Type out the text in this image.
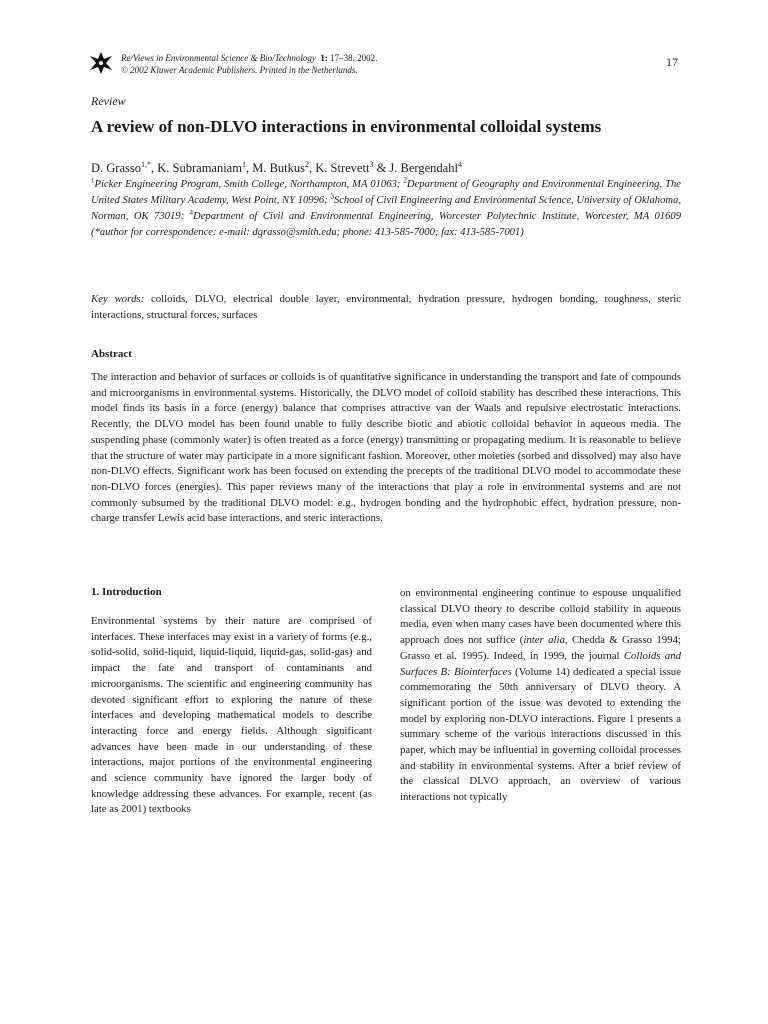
Re/Views in Environmental Science & Bio/Technology 1: 17–38, 2002.
© 2002 Kluwer Academic Publishers. Printed in the Netherlands.
17
Review
A review of non-DLVO interactions in environmental colloidal systems
D. Grasso$^{1,*}$, K. Subramaniam$^1$, M. Butkus$^2$, K. Strevett$^3$ & J. Bergendahl$^4$
$^1$Picker Engineering Program, Smith College, Northampton, MA 01063; $^2$Department of Geography and Environmental Engineering, The United States Military Academy, West Point, NY 10996; $^3$School of Civil Engineering and Environmental Science, University of Oklahoma, Norman, OK 73019; $^4$Department of Civil and Environmental Engineering, Worcester Polytechnic Institute, Worcester, MA 01609 (*author for correspondence: e-mail: dgrasso@smith.edu; phone: 413-585-7000; fax: 413-585-7001)
Key words: colloids, DLVO, electrical double layer, environmental, hydration pressure, hydrogen bonding, roughness, steric interactions, structural forces, surfaces
Abstract
The interaction and behavior of surfaces or colloids is of quantitative significance in understanding the transport and fate of compounds and microorganisms in environmental systems. Historically, the DLVO model of colloid stability has described these interactions. This model finds its basis in a force (energy) balance that comprises attractive van der Waals and repulsive electrostatic interactions. Recently, the DLVO model has been found unable to fully describe biotic and abiotic colloidal behavior in aqueous media. The suspending phase (commonly water) is often treated as a force (energy) transmitting or propagating medium. It is reasonable to believe that the structure of water may participate in a more significant fashion. Moreover, other moieties (sorbed and dissolved) may also have non-DLVO effects. Significant work has been focused on extending the precepts of the traditional DLVO model to accommodate these non-DLVO forces (energies). This paper reviews many of the interactions that play a role in environmental systems and are not commonly subsumed by the traditional DLVO model: e.g., hydrogen bonding and the hydrophobic effect, hydration pressure, non-charge transfer Lewis acid base interactions, and steric interactions.
1. Introduction
Environmental systems by their nature are comprised of interfaces. These interfaces may exist in a variety of forms (e.g., solid-solid, solid-liquid, liquid-liquid, liquid-gas, solid-gas) and impact the fate and transport of contaminants and microorganisms. The scientific and engineering community has devoted significant effort to exploring the nature of these interfaces and developing mathematical models to describe interacting force and energy fields. Although significant advances have been made in our understanding of these interactions, major portions of the environmental engineering and science community have ignored the larger body of knowledge addressing these advances. For example, recent (as late as 2001) textbooks
on environmental engineering continue to espouse unqualified classical DLVO theory to describe colloid stability in aqueous media, even when many cases have been documented where this approach does not suffice (inter alia, Chedda & Grasso 1994; Grasso et al. 1995). Indeed, in 1999, the journal Colloids and Surfaces B: Biointerfaces (Volume 14) dedicated a special issue commemorating the 50th anniversary of DLVO theory. A significant portion of the issue was devoted to extending the model by exploring non-DLVO interactions. Figure 1 presents a summary scheme of the various interactions discussed in this paper, which may be influential in governing colloidal processes and stability in environmental systems. After a brief review of the classical DLVO approach, an overview of various interactions not typically
